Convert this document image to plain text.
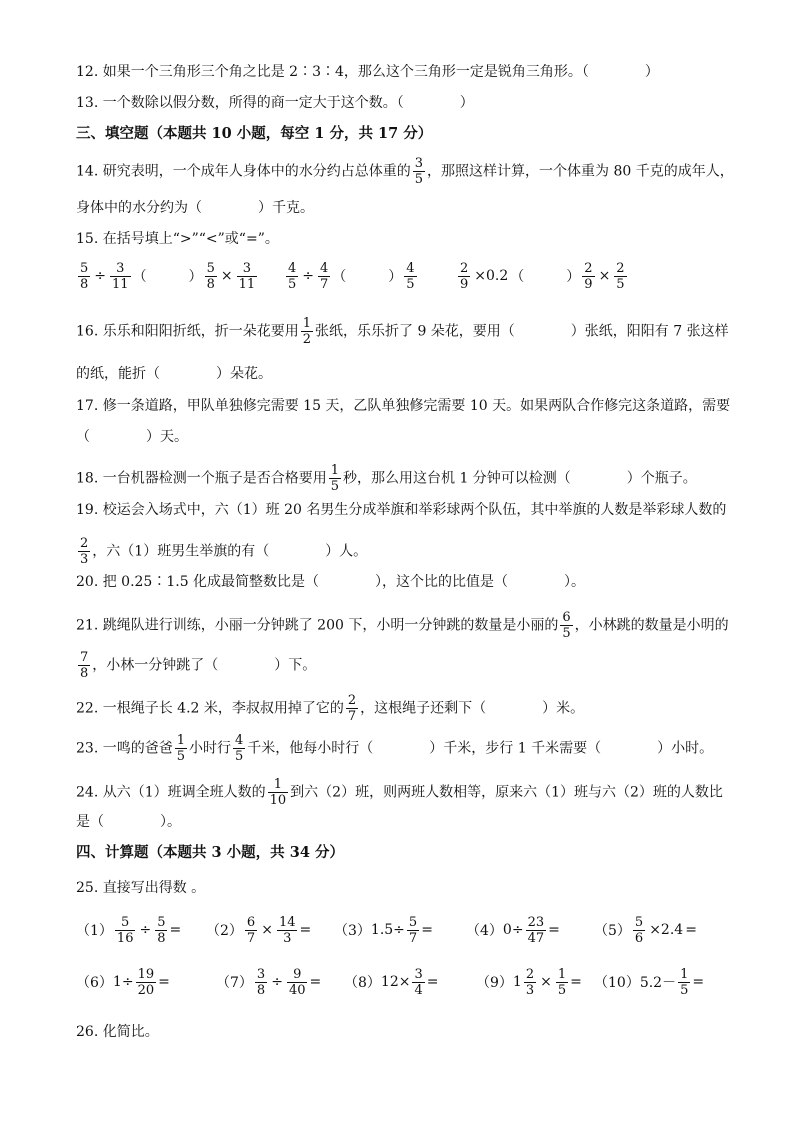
12. 如果一个三角形三个角之比是 2∶3∶4，那么这个三角形一定是锐角三角形。（　　　　）
13. 一个数除以假分数，所得的商一定大于这个数。（　　　　）
三、填空题（本题共 10 小题，每空 1 分，共 17 分）
14. 研究表明，一个成年人身体中的水分约占总体重的 $\frac{3}{5}$ ，那照这样计算，一个体重为 80 千克的成年人，
身体中的水分约为（　　　　）千克。
15. 在括号填上“>”“<”或“=”。
$\frac{5}{8} \div \frac{3}{11}$ （　　　） $\frac{5}{8} \times \frac{3}{11} \frac{4}{5} \div \frac{4}{7}$ （　　　） $\frac{4}{5}$	$\frac{2}{9} \times 0.2$ （　　　） $\frac{2}{9} \times \frac{2}{5}$
16. 乐乐和阳阳折纸，折一朵花要用 $\frac{1}{2}$ 张纸，乐乐折了 9 朵花，要用（　　　　）张纸，阳阳有 7 张这样
的纸，能折（　　　　）朵花。
17. 修一条道路，甲队单独修完需要 15 天，乙队单独修完需要 10 天。如果两队合作修完这条道路，需要
（　　　　）天。
18. 一台机器检测一个瓶子是否合格要用 $\frac{1}{5}$ 秒，那么用这台机 1 分钟可以检测（　　　　）个瓶子。
19. 校运会入场式中，六（1）班 20 名男生分成举旗和举彩球两个队伍，其中举旗的人数是举彩球人数的
$\frac{2}{3}$ ，六（1）班男生举旗的有（　　　　）人。
20. 把 0.25∶1.5 化成最简整数比是（　　　　），这个比的比值是（　　　　）。
21. 跳绳队进行训练，小丽一分钟跳了 200 下，小明一分钟跳的数量是小丽的 $\frac{6}{5}$ ，小林跳的数量是小明的
$\frac{7}{8}$ ，小林一分钟跳了（　　　　）下。
22. 一根绳子长 4.2 米，李叔叔用掉了它的 $\frac{2}{7}$ ，这根绳子还剩下（　　　　）米。
23. 一鸣的爸爸 $\frac{1}{5}$ 小时行 $\frac{4}{5}$ 千米，他每小时行（　　　　）千米，步行 1 千米需要（　　　　）小时。
24. 从六（1）班调全班人数的 $\frac{1}{10}$ 到六（2）班，则两班人数相等，原来六（1）班与六（2）班的人数比
是（　　　　）。
四、计算题（本题共 3 小题，共 34 分）
25. 直接写出得数 。
$(1) \frac{5}{16} \div \frac{5}{8} = (2) \frac{6}{7} \times \frac{14}{3} = (3)$ $1.5\div \frac{5}{7} = (4)$ $0\div \frac{23}{47} = (5) \frac{5}{6} \times 2.4$ =
（6） $1\div \frac{19}{20}$ =	$(7) \frac{3}{8} \div \frac{9}{40} = (8)$ $12\times \frac{3}{4}$ =	（9） $1 \frac{2}{3} \times \frac{1}{5} = (10)$ $5.2- \frac{1}{5}$ =
26. 化简比。
